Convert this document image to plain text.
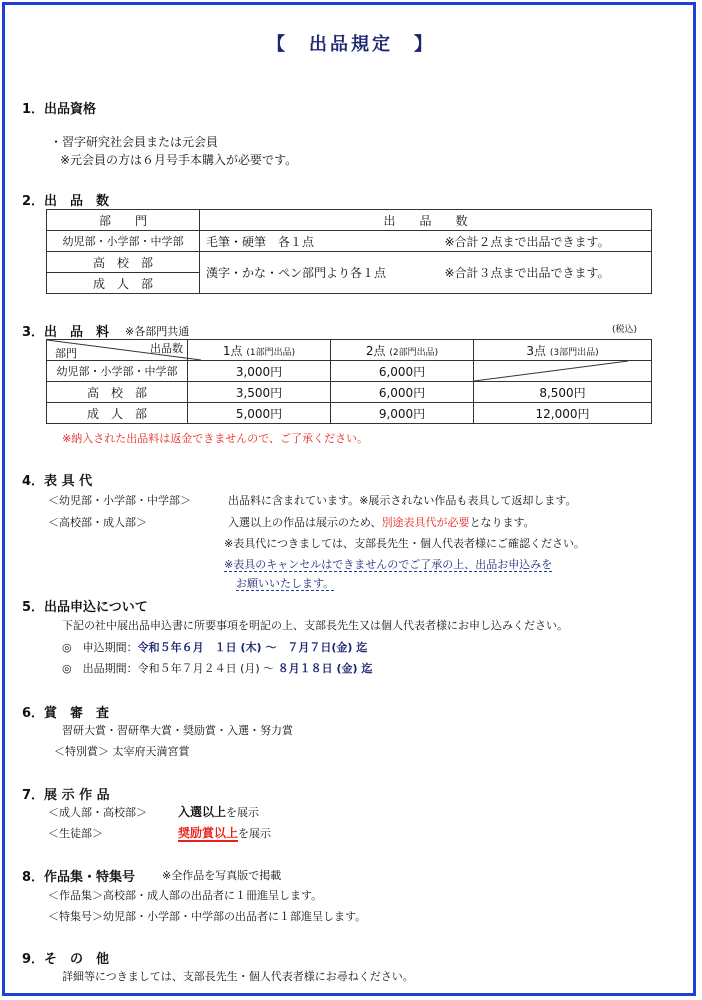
【　出品規定　】
1．出品資格
・習字研究社会員または元会員
※元会員の方は６月号手本購入が必要です。
2．出　品　数
部　　門	出　　品　　数
幼児部・小学部・中学部	毛筆・硬筆　各１点 ※合計２点まで出品できます。

高　校　部	漢字・かな・ペン部門より各１点 ※合計３点まで出品できます。

成　人　部	
3．出　品　料 ※各部門共通	(税込)
部門 出品数	1点 (1部門出品)	2点 (2部門出品)	3点 (3部門出品)
幼児部・小学部・中学部	3,000円	6,000円	

高　校　部	3,500円	6,000円	8,500円
成　人　部	5,000円	9,000円	12,000円
※納入された出品料は返金できませんので、ご了承ください。
4．表 具 代
＜幼児部・小学部・中学部＞	出品料に含まれています。※展示されない作品も表具して返却します。
＜高校部・成人部＞	入選以上の作品は展示のため、別途表具代が必要となります。
※表具代につきましては、支部長先生・個人代表者様にご確認ください。
※表具のキャンセルはできませんのでご了承の上、出品お申込みを
お願いいたします。
5．出品申込について
下記の社中展出品申込書に所要事項を明記の上、支部長先生又は個人代表者様にお申し込みください。
◎　申込期間：令和５年６月　１日 (木) ～　７月７日(金) 迄
◎　出品期間：令和５年７月２４日 (月) ～ ８月１８日 (金) 迄
6．賞　審　査
習研大賞・習研準大賞・奨励賞・入選・努力賞
＜特別賞＞ 太宰府天満宮賞
7．展 示 作 品
＜成人部・高校部＞	入選以上を展示
＜生徒部＞	奨励賞以上を展示
8．作品集・特集号 ※全作品を写真版で掲載
＜作品集＞高校部・成人部の出品者に１冊進呈します。
＜特集号＞幼児部・小学部・中学部の出品者に１部進呈します。
9．そ　の　他
詳細等につきましては、支部長先生・個人代表者様にお尋ねください。
